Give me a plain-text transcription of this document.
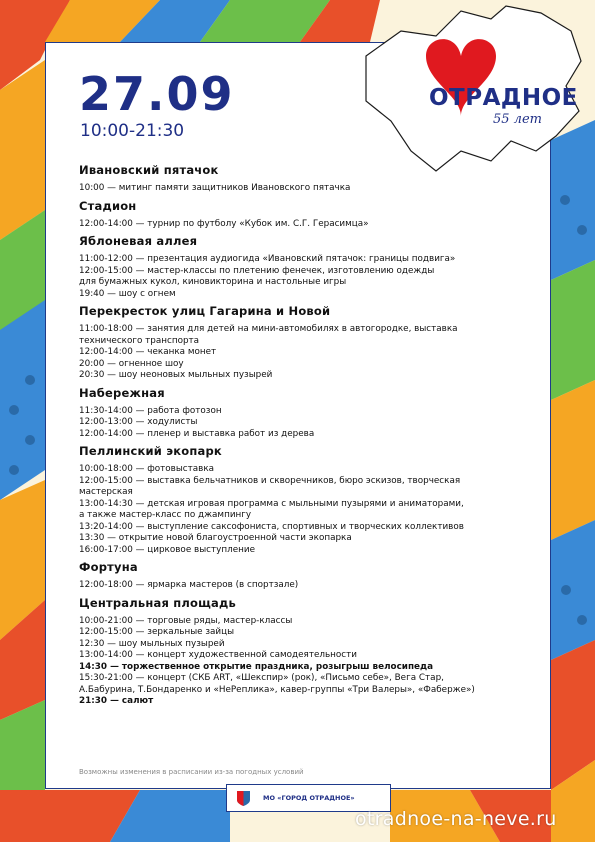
27.09
10:00-21:30
ОТРАДНОЕ
55 лет
Ивановский пятачок
10:00 — митинг памяти защитников Ивановского пятачка
Стадион
12:00-14:00 — турнир по футболу «Кубок им. С.Г. Герасимца»
Яблоневая аллея
11:00-12:00 — презентация аудиогида «Ивановский пятачок: границы подвига»
12:00-15:00 — мастер-классы по плетению фенечек, изготовлению одежды
для бумажных кукол, киновикторина и настольные игры
19:40 — шоу с огнем
Перекресток улиц Гагарина и Новой
11:00-18:00 — занятия для детей на мини-автомобилях в автогородке, выставка
технического транспорта
12:00-14:00 — чеканка монет
20:00 — огненное шоу
20:30 — шоу неоновых мыльных пузырей
Набережная
11:30-14:00 — работа фотозон
12:00-13:00 — ходулисты
12:00-14:00 — пленер и выставка работ из дерева
Пеллинский экопарк
10:00-18:00 — фотовыставка
12:00-15:00 — выставка бельчатников и скворечников, бюро эскизов, творческая
мастерская
13:00-14:30 — детская игровая программа с мыльными пузырями и аниматорами,
а также мастер-класс по джампингу
13:20-14:00 — выступление саксофониста, спортивных и творческих коллективов
13:30 — открытие новой благоустроенной части экопарка
16:00-17:00 — цирковое выступление
Фортуна
12:00-18:00 — ярмарка мастеров (в спортзале)
Центральная площадь
10:00-21:00 — торговые ряды, мастер-классы
12:00-15:00 — зеркальные зайцы
12:30 — шоу мыльных пузырей
13:00-14:00 — концерт художественной самодеятельности
14:30 — торжественное открытие праздника, розыгрыш велосипеда
15:30-21:00 — концерт (СКБ ART, «Шекспир» (рок), «Письмо себе», Вега Стар,
А.Бабурина, Т.Бондаренко и «НеРеплика», кавер-группы «Три Валеры», «Фаберже»)
21:30 — салют
Возможны изменения в расписании из-за погодных условий
МО «ГОРОД ОТРАДНОЕ»
otradnoe-na-neve.ru
